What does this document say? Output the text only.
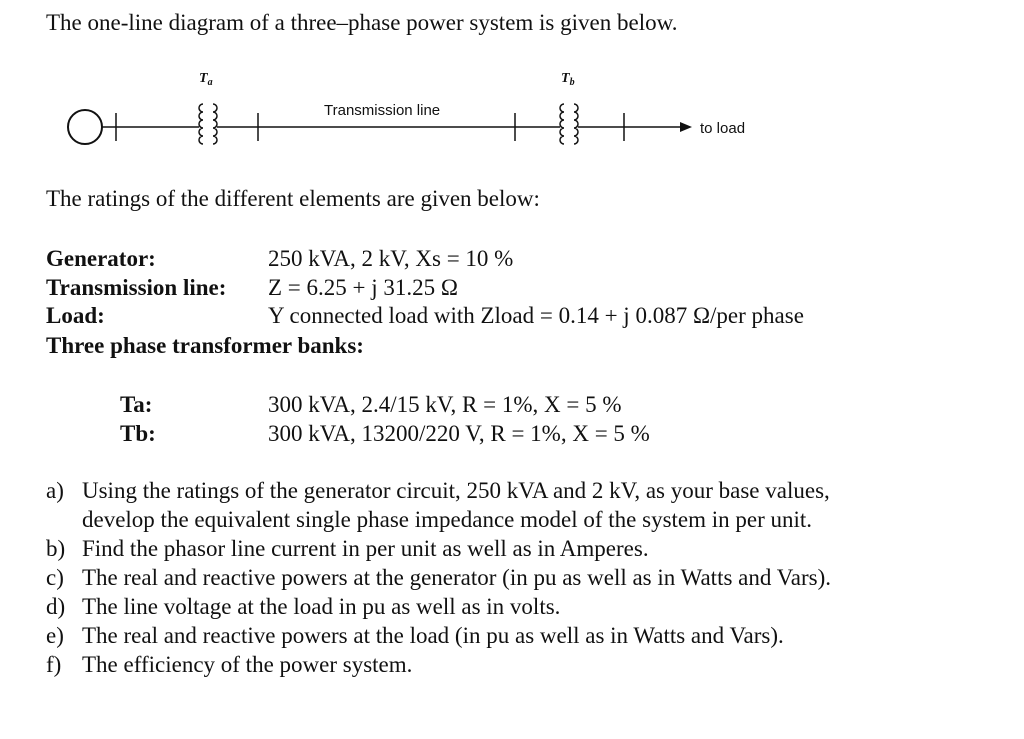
The one-line diagram of a three–phase power system is given below.
$T_a$
Transmission line
$T_b$
to load
The ratings of the different elements are given below:
Generator:	250 kVA, 2 kV, Xs = 10 %
Transmission line: Z = 6.25 + j 31.25 Ω
Load:	Y connected load with Zload = 0.14 + j 0.087 Ω/per phase
Three phase transformer banks:
Ta:	300 kVA, 2.4/15 kV, R = 1%, X = 5 %
Tb:	300 kVA, 13200/220 V, R = 1%, X = 5 %
a) Using the ratings of the generator circuit, 250 kVA and 2 kV, as your base values, develop the equivalent single phase impedance model of the system in per unit.
b) Find the phasor line current in per unit as well as in Amperes.
c) The real and reactive powers at the generator (in pu as well as in Watts and Vars).
d) The line voltage at the load in pu as well as in volts.
e) The real and reactive powers at the load (in pu as well as in Watts and Vars).
f) The efficiency of the power system.
